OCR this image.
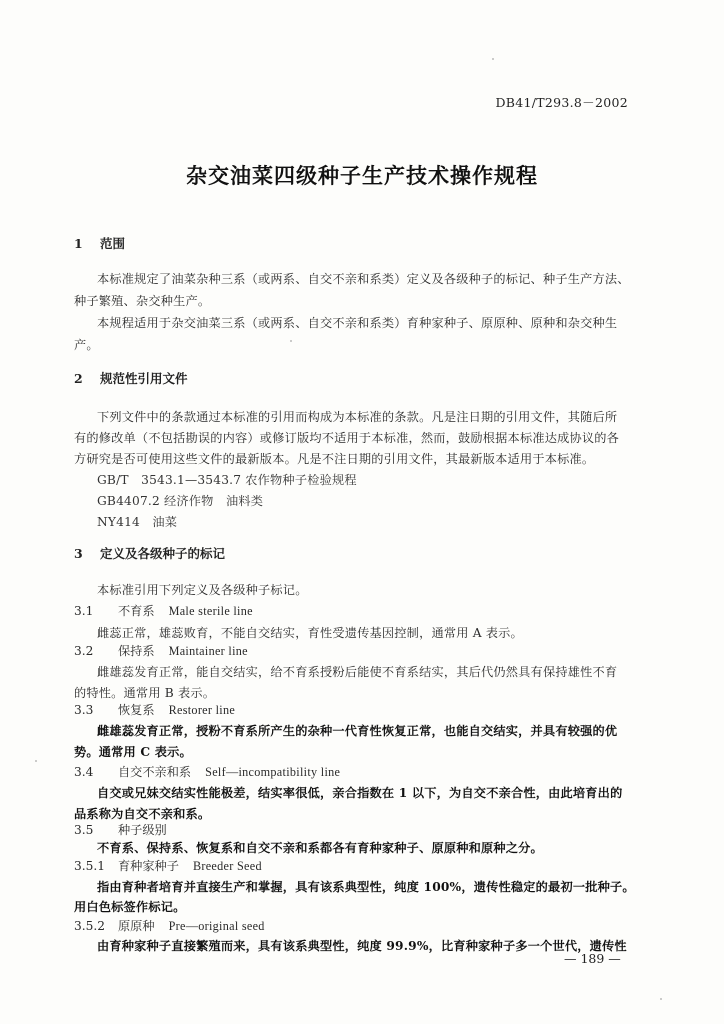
DB41/T293.8－2002
杂交油菜四级种子生产技术操作规程
1 范围
本标准规定了油菜杂种三系（或两系、自交不亲和系类）定义及各级种子的标记、种子生产方法、
种子繁殖、杂交种生产。
本规程适用于杂交油菜三系（或两系、自交不亲和系类）育种家种子、原原种、原种和杂交种生
产。
2 规范性引用文件
下列文件中的条款通过本标准的引用而构成为本标准的条款。凡是注日期的引用文件，其随后所
有的修改单（不包括勘误的内容）或修订版均不适用于本标准，然而，鼓励根据本标准达成协议的各
方研究是否可使用这些文件的最新版本。凡是不注日期的引用文件，其最新版本适用于本标准。
GB/T　3543.1—3543.7 农作物种子检验规程
GB4407.2 经济作物　油料类
NY414　油菜
3 定义及各级种子的标记
本标准引用下列定义及各级种子标记。
3.1 不育系 Male sterile line
雌蕊正常，雄蕊败育，不能自交结实，育性受遗传基因控制，通常用 A 表示。
3.2 保持系 Maintainer line
雌雄蕊发育正常，能自交结实，给不育系授粉后能使不育系结实，其后代仍然具有保持雄性不育
的特性。通常用 B 表示。
3.3 恢复系 Restorer line
雌雄蕊发育正常，授粉不育系所产生的杂种一代育性恢复正常，也能自交结实，并具有较强的优
势。通常用 C 表示。
3.4 自交不亲和系 Self—incompatibility line
自交或兄妹交结实性能极差，结实率很低，亲合指数在 1 以下，为自交不亲合性，由此培育出的
品系称为自交不亲和系。
3.5 种子级别
不育系、保持系、恢复系和自交不亲和系都各有育种家种子、原原种和原种之分。
3.5.1 育种家种子 Breeder Seed
指由育种者培育并直接生产和掌握，具有该系典型性，纯度 100%，遗传性稳定的最初一批种子。
用白色标签作标记。
3.5.2 原原种 Pre—original seed
由育种家种子直接繁殖而来，具有该系典型性，纯度 99.9%，比育种家种子多一个世代，遗传性
— 189 —
